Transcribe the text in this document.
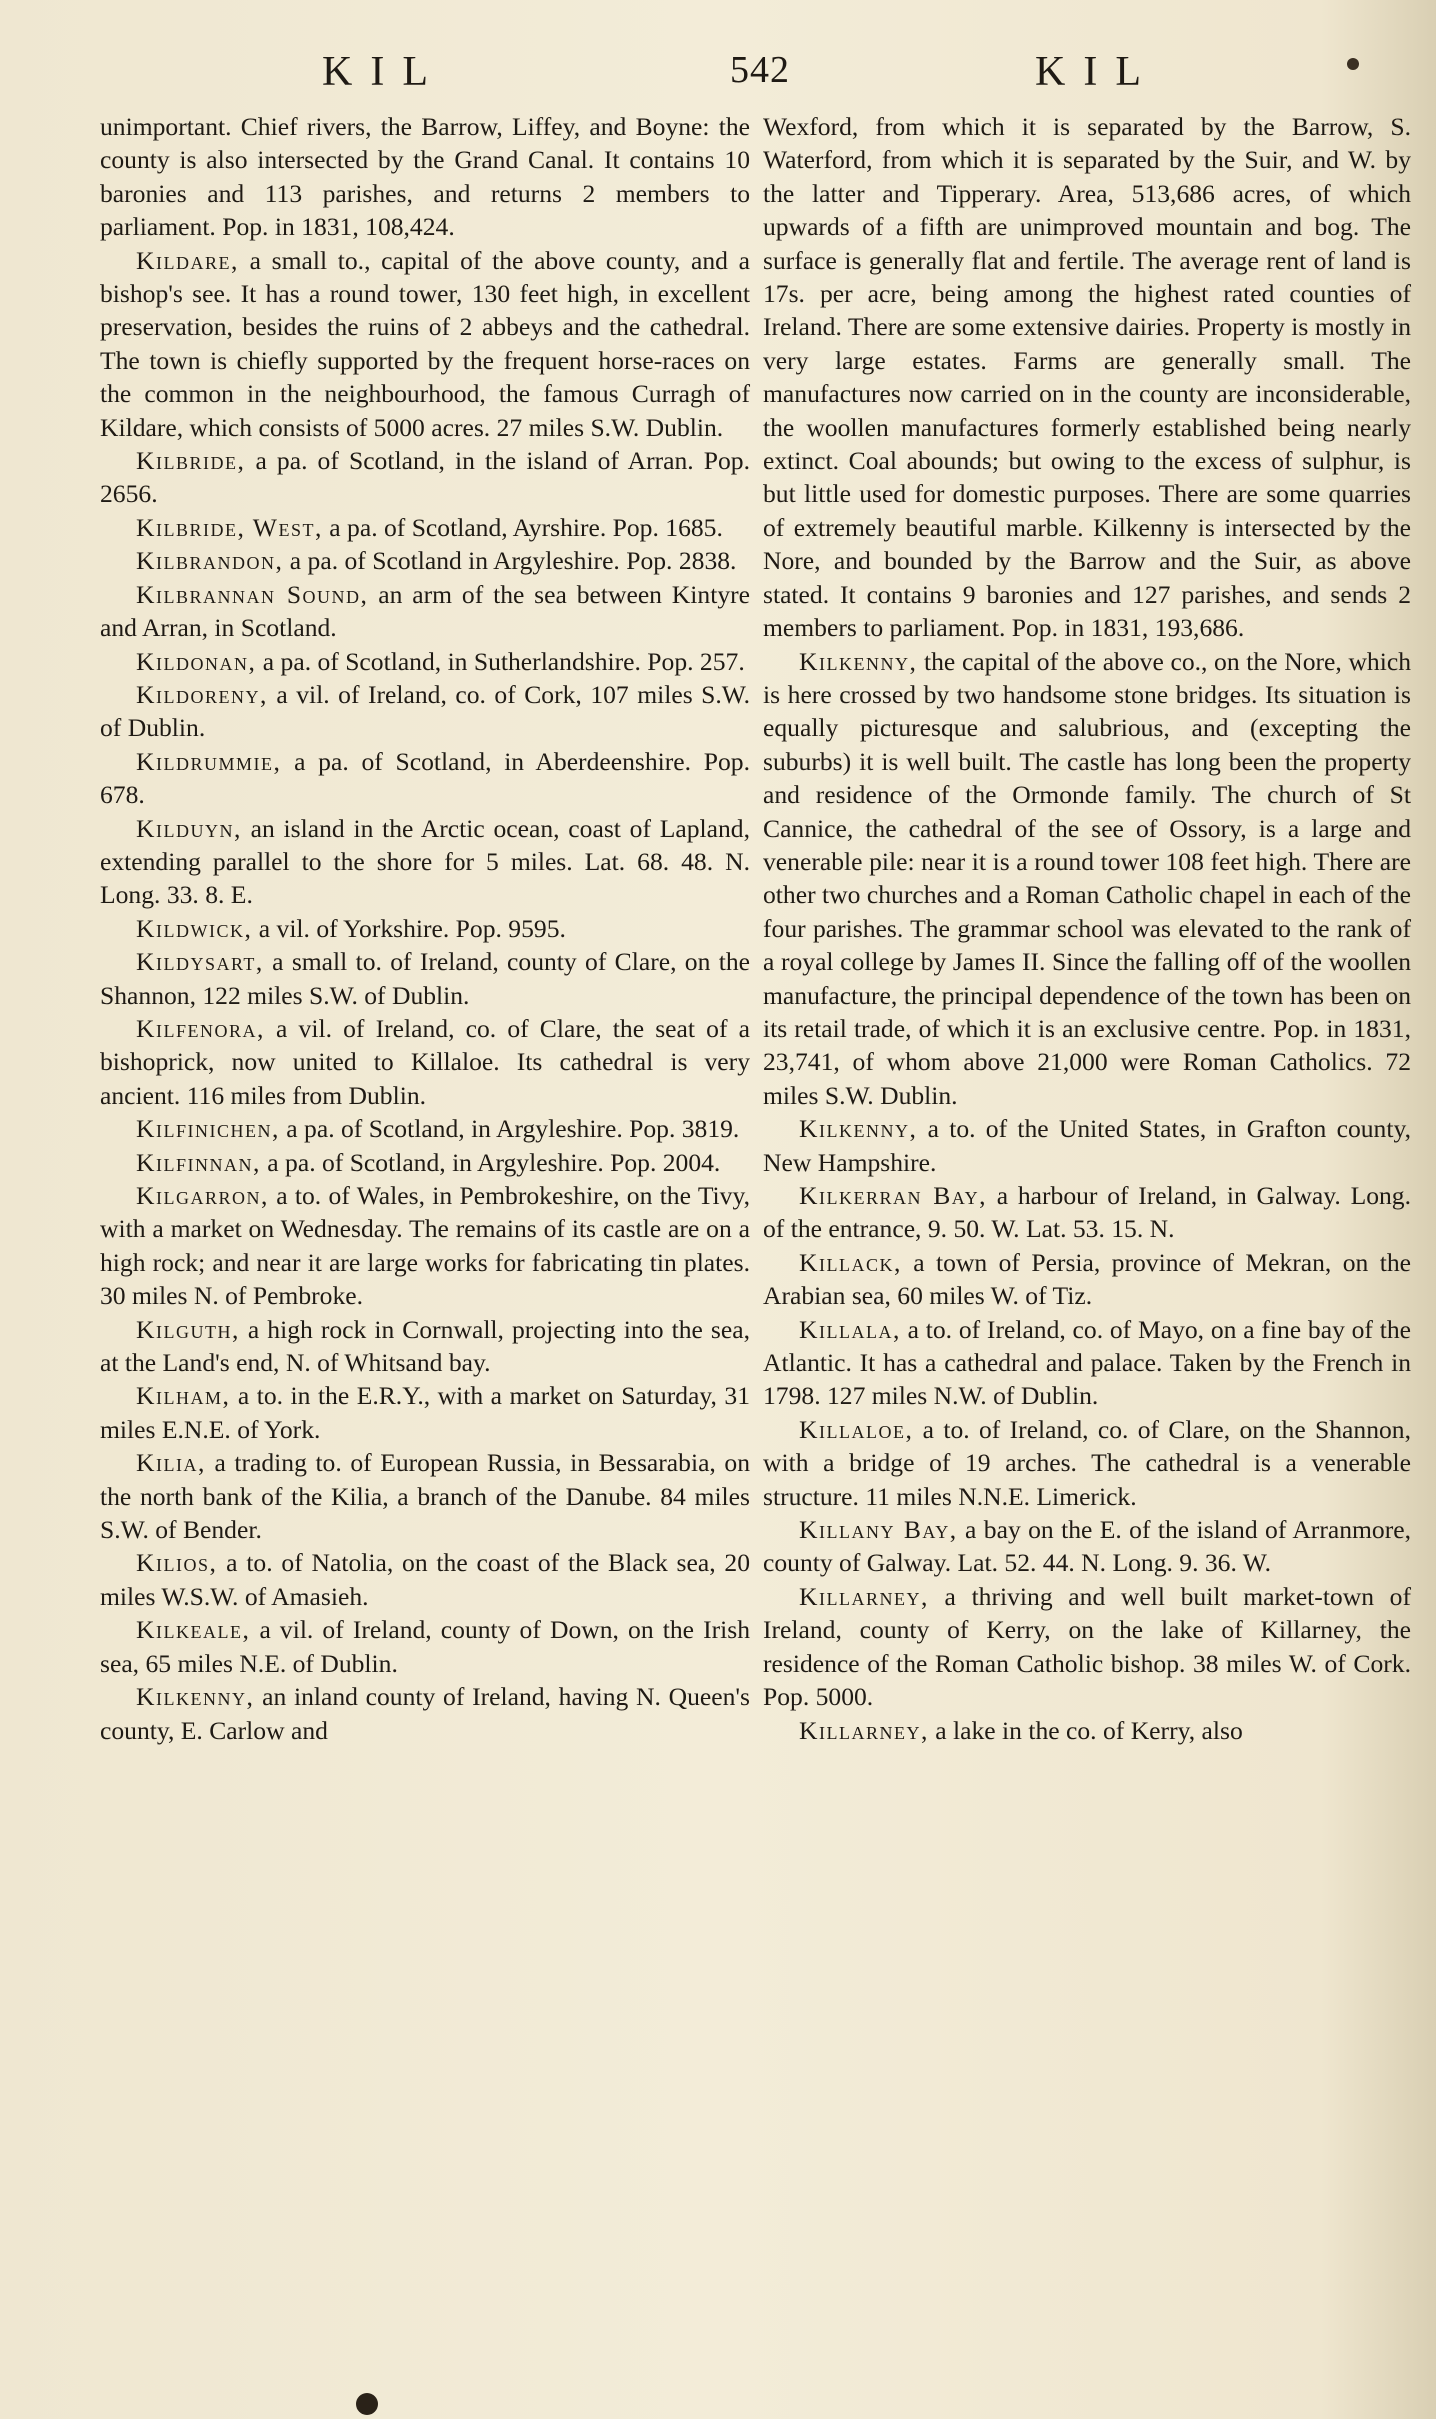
KIL	542	KIL

unimportant. Chief rivers, the Barrow, Liffey, and Boyne: the county is also intersected by the Grand Canal. It contains 10 baronies and 113 parishes, and returns 2 members to parliament. Pop. in 1831, 108,424.

Kildare, a small to., capital of the above county, and a bishop's see. It has a round tower, 130 feet high, in excellent preservation, besides the ruins of 2 abbeys and the cathedral. The town is chiefly supported by the frequent horse-races on the common in the neighbourhood, the famous Curragh of Kildare, which consists of 5000 acres. 27 miles S.W. Dublin.

Kilbride, a pa. of Scotland, in the island of Arran. Pop. 2656.

Kilbride, West, a pa. of Scotland, Ayrshire. Pop. 1685.

Kilbrandon, a pa. of Scotland in Argyleshire. Pop. 2838.

Kilbrannan Sound, an arm of the sea between Kintyre and Arran, in Scotland.

Kildonan, a pa. of Scotland, in Sutherlandshire. Pop. 257.

Kildoreny, a vil. of Ireland, co. of Cork, 107 miles S.W. of Dublin.

Kildrummie, a pa. of Scotland, in Aberdeenshire. Pop. 678.

Kilduyn, an island in the Arctic ocean, coast of Lapland, extending parallel to the shore for 5 miles. Lat. 68. 48. N. Long. 33. 8. E.

Kildwick, a vil. of Yorkshire. Pop. 9595.

Kildysart, a small to. of Ireland, county of Clare, on the Shannon, 122 miles S.W. of Dublin.

Kilfenora, a vil. of Ireland, co. of Clare, the seat of a bishoprick, now united to Killaloe. Its cathedral is very ancient. 116 miles from Dublin.

Kilfinichen, a pa. of Scotland, in Argyleshire. Pop. 3819.

Kilfinnan, a pa. of Scotland, in Argyleshire. Pop. 2004.

Kilgarron, a to. of Wales, in Pembrokeshire, on the Tivy, with a market on Wednesday. The remains of its castle are on a high rock; and near it are large works for fabricating tin plates. 30 miles N. of Pembroke.

Kilguth, a high rock in Cornwall, projecting into the sea, at the Land's end, N. of Whitsand bay.

Kilham, a to. in the E.R.Y., with a market on Saturday, 31 miles E.N.E. of York.

Kilia, a trading to. of European Russia, in Bessarabia, on the north bank of the Kilia, a branch of the Danube. 84 miles S.W. of Bender.

Kilios, a to. of Natolia, on the coast of the Black sea, 20 miles W.S.W. of Amasieh.

Kilkeale, a vil. of Ireland, county of Down, on the Irish sea, 65 miles N.E. of Dublin.

Kilkenny, an inland county of Ireland, having N. Queen's county, E. Carlow and

Wexford, from which it is separated by the Barrow, S. Waterford, from which it is separated by the Suir, and W. by the latter and Tipperary. Area, 513,686 acres, of which upwards of a fifth are unimproved mountain and bog. The surface is generally flat and fertile. The average rent of land is 17s. per acre, being among the highest rated counties of Ireland. There are some extensive dairies. Property is mostly in very large estates. Farms are generally small. The manufactures now carried on in the county are inconsiderable, the woollen manufactures formerly established being nearly extinct. Coal abounds; but owing to the excess of sulphur, is but little used for domestic purposes. There are some quarries of extremely beautiful marble. Kilkenny is intersected by the Nore, and bounded by the Barrow and the Suir, as above stated. It contains 9 baronies and 127 parishes, and sends 2 members to parliament. Pop. in 1831, 193,686.

Kilkenny, the capital of the above co., on the Nore, which is here crossed by two handsome stone bridges. Its situation is equally picturesque and salubrious, and (excepting the suburbs) it is well built. The castle has long been the property and residence of the Ormonde family. The church of St Cannice, the cathedral of the see of Ossory, is a large and venerable pile: near it is a round tower 108 feet high. There are other two churches and a Roman Catholic chapel in each of the four parishes. The grammar school was elevated to the rank of a royal college by James II. Since the falling off of the woollen manufacture, the principal dependence of the town has been on its retail trade, of which it is an exclusive centre. Pop. in 1831, 23,741, of whom above 21,000 were Roman Catholics. 72 miles S.W. Dublin.

Kilkenny, a to. of the United States, in Grafton county, New Hampshire.

Kilkerran Bay, a harbour of Ireland, in Galway. Long. of the entrance, 9. 50. W. Lat. 53. 15. N.

Killack, a town of Persia, province of Mekran, on the Arabian sea, 60 miles W. of Tiz.

Killala, a to. of Ireland, co. of Mayo, on a fine bay of the Atlantic. It has a cathedral and palace. Taken by the French in 1798. 127 miles N.W. of Dublin.

Killaloe, a to. of Ireland, co. of Clare, on the Shannon, with a bridge of 19 arches. The cathedral is a venerable structure. 11 miles N.N.E. Limerick.

Killany Bay, a bay on the E. of the island of Arranmore, county of Galway. Lat. 52. 44. N. Long. 9. 36. W.

Killarney, a thriving and well built market-town of Ireland, county of Kerry, on the lake of Killarney, the residence of the Roman Catholic bishop. 38 miles W. of Cork. Pop. 5000.

Killarney, a lake in the co. of Kerry, also
